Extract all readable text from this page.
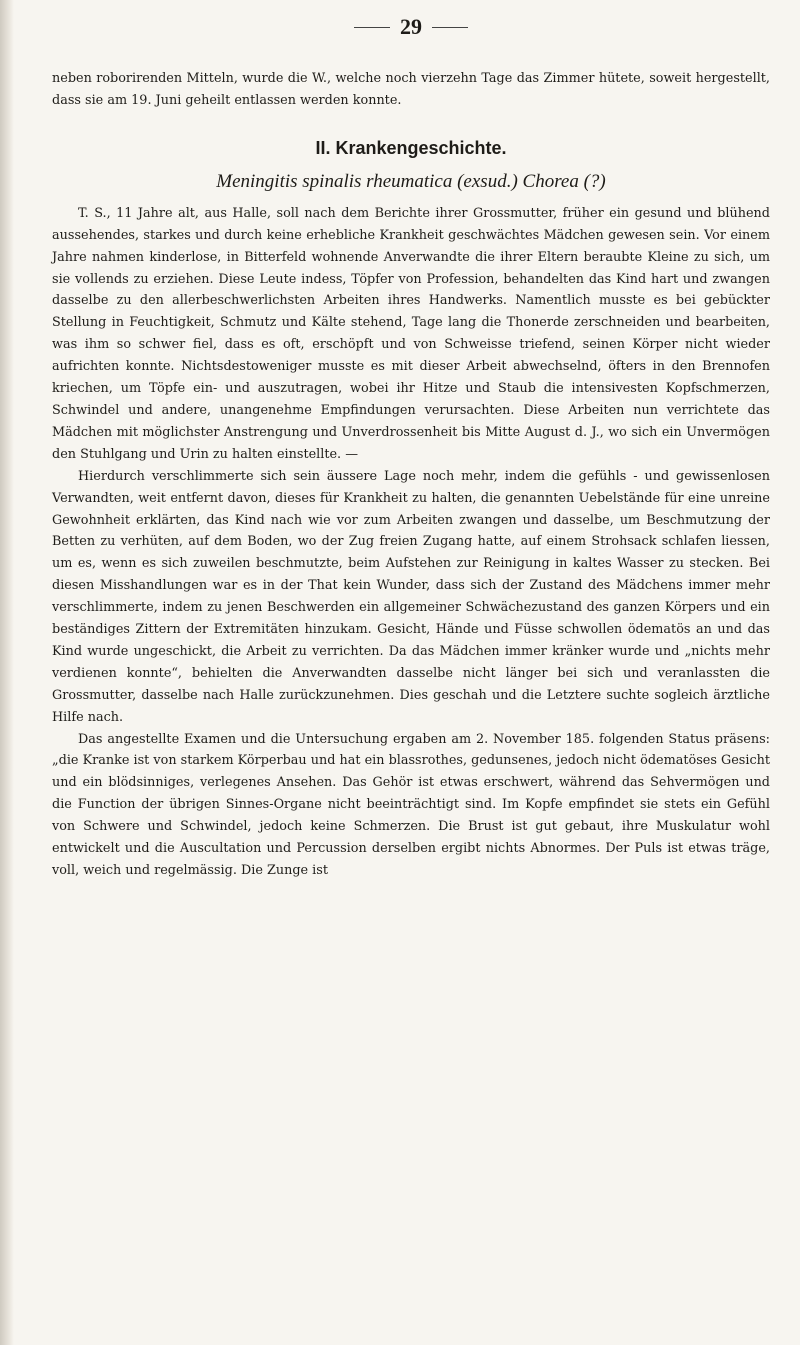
29

neben roborirenden Mitteln, wurde die W., welche noch vierzehn Tage das Zimmer hütete, soweit hergestellt, dass sie am 19. Juni geheilt entlassen werden konnte.

II. Krankengeschichte.

Meningitis spinalis rheumatica (exsud.) Chorea (?)

T. S., 11 Jahre alt, aus Halle, soll nach dem Berichte ihrer Grossmutter, früher ein gesund und blühend aussehendes, starkes und durch keine erhebliche Krankheit geschwächtes Mädchen gewesen sein. Vor einem Jahre nahmen kinderlose, in Bitterfeld wohnende Anverwandte die ihrer Eltern beraubte Kleine zu sich, um sie vollends zu erziehen. Diese Leute indess, Töpfer von Profession, behandelten das Kind hart und zwangen dasselbe zu den allerbeschwerlichsten Arbeiten ihres Handwerks. Namentlich musste es bei gebückter Stellung in Feuchtigkeit, Schmutz und Kälte stehend, Tage lang die Thonerde zerschneiden und bearbeiten, was ihm so schwer fiel, dass es oft, erschöpft und von Schweisse triefend, seinen Körper nicht wieder aufrichten konnte. Nichtsdestoweniger musste es mit dieser Arbeit abwechselnd, öfters in den Brennofen kriechen, um Töpfe ein- und auszutragen, wobei ihr Hitze und Staub die intensivesten Kopfschmerzen, Schwindel und andere, unangenehme Empfindungen verursachten. Diese Arbeiten nun verrichtete das Mädchen mit möglichster Anstrengung und Unverdrossenheit bis Mitte August d. J., wo sich ein Unvermögen den Stuhlgang und Urin zu halten einstellte. —

Hierdurch verschlimmerte sich sein äussere Lage noch mehr, indem die gefühls - und gewissenlosen Verwandten, weit entfernt davon, dieses für Krankheit zu halten, die genannten Uebelstände für eine unreine Gewohnheit erklärten, das Kind nach wie vor zum Arbeiten zwangen und dasselbe, um Beschmutzung der Betten zu verhüten, auf dem Boden, wo der Zug freien Zugang hatte, auf einem Strohsack schlafen liessen, um es, wenn es sich zuweilen beschmutzte, beim Aufstehen zur Reinigung in kaltes Wasser zu stecken. Bei diesen Misshandlungen war es in der That kein Wunder, dass sich der Zustand des Mädchens immer mehr verschlimmerte, indem zu jenen Beschwerden ein allgemeiner Schwächezustand des ganzen Körpers und ein beständiges Zittern der Extremitäten hinzukam. Gesicht, Hände und Füsse schwollen ödematös an und das Kind wurde ungeschickt, die Arbeit zu verrichten. Da das Mädchen immer kränker wurde und „nichts mehr verdienen konnte“, behielten die Anverwandten dasselbe nicht länger bei sich und veranlassten die Grossmutter, dasselbe nach Halle zurückzunehmen. Dies geschah und die Letztere suchte sogleich ärztliche Hilfe nach.

Das angestellte Examen und die Untersuchung ergaben am 2. November 185. folgenden Status präsens: „die Kranke ist von starkem Körperbau und hat ein blassrothes, gedunsenes, jedoch nicht ödematöses Gesicht und ein blödsinniges, verlegenes Ansehen. Das Gehör ist etwas erschwert, während das Sehvermögen und die Function der übrigen Sinnes-Organe nicht beeinträchtigt sind. Im Kopfe empfindet sie stets ein Gefühl von Schwere und Schwindel, jedoch keine Schmerzen. Die Brust ist gut gebaut, ihre Muskulatur wohl entwickelt und die Auscultation und Percussion derselben ergibt nichts Abnormes. Der Puls ist etwas träge, voll, weich und regelmässig. Die Zunge ist
